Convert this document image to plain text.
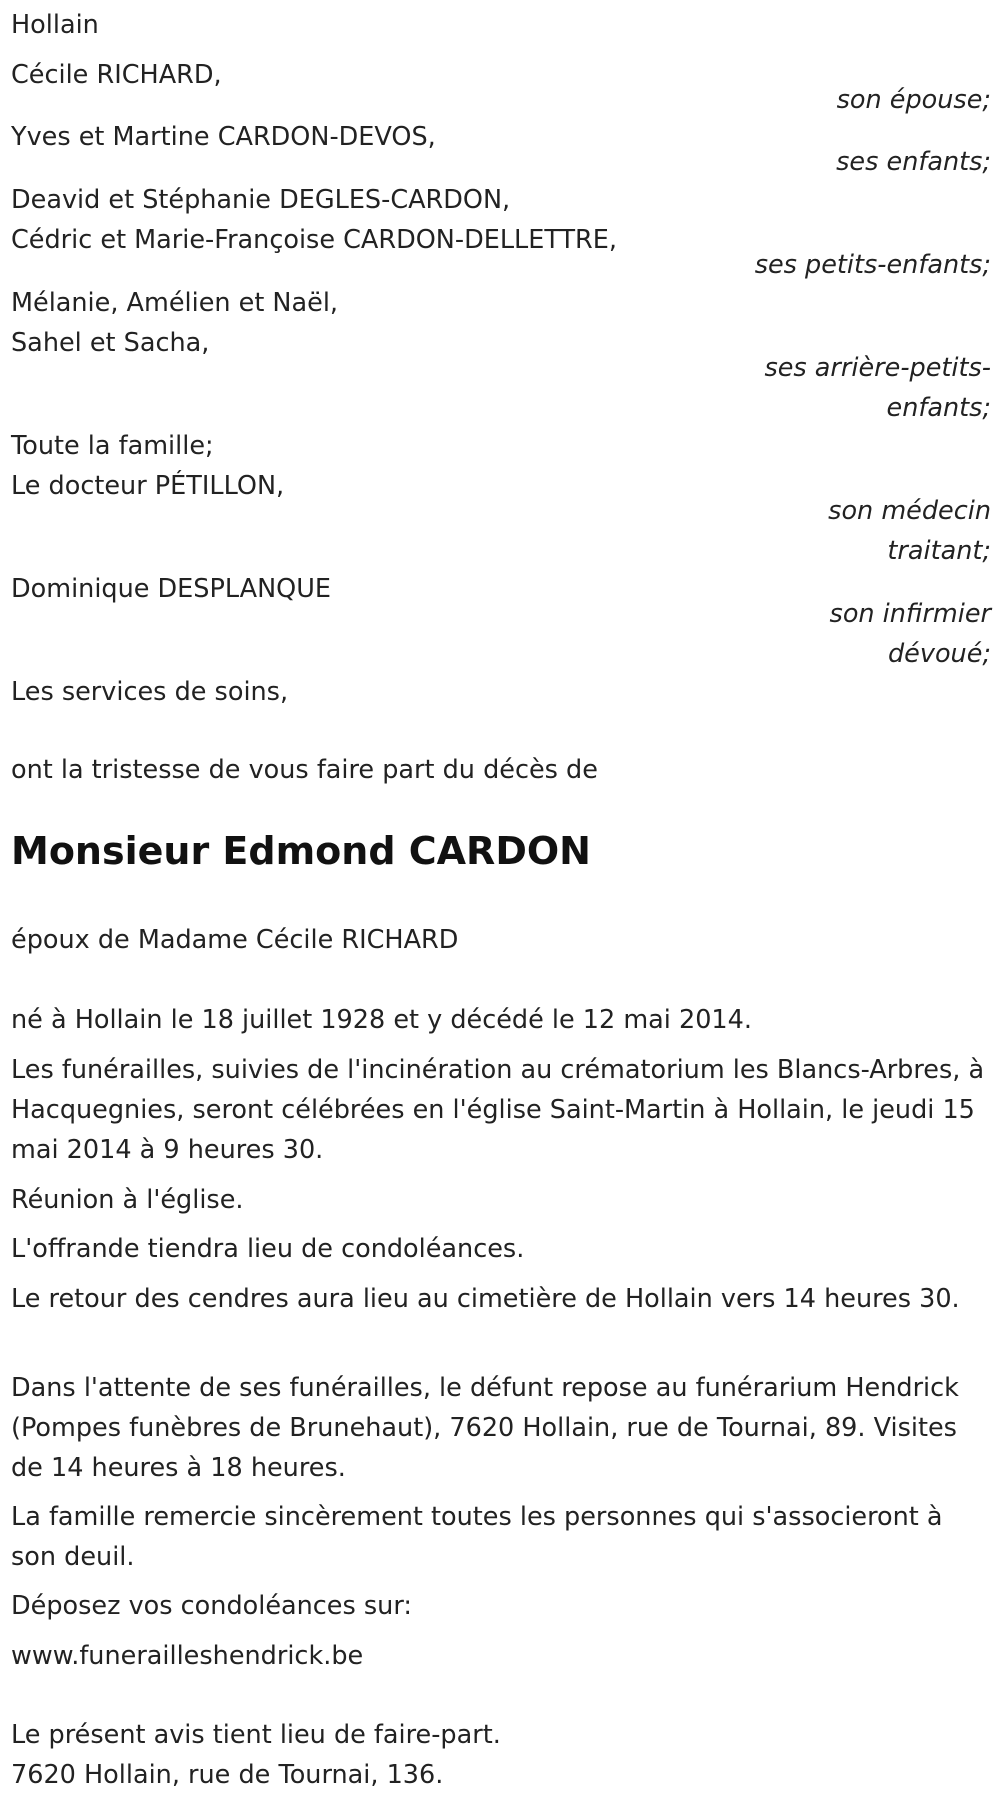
Hollain

Cécile RICHARD,

son épouse;

Yves et Martine CARDON-DEVOS,

ses enfants;

Deavid et Stéphanie DEGLES-CARDON,

Cédric et Marie-Françoise CARDON-DELLETTRE,

ses petits-enfants;

Mélanie, Amélien et Naël,

Sahel et Sacha,

ses arrière-petits-

enfants;

Toute la famille;

Le docteur PÉTILLON,

son médecin

traitant;

Dominique DESPLANQUE

son infirmier

dévoué;

Les services de soins,

ont la tristesse de vous faire part du décès de

Monsieur Edmond CARDON

époux de Madame Cécile RICHARD

né à Hollain le 18 juillet 1928 et y décédé le 12 mai 2014.

Les funérailles, suivies de l'incinération au crématorium les Blancs-Arbres, à Hacquegnies, seront célébrées en l'église Saint-Martin à Hollain, le jeudi 15 mai 2014 à 9 heures 30.

Réunion à l'église.

L'offrande tiendra lieu de condoléances.

Le retour des cendres aura lieu au cimetière de Hollain vers 14 heures 30.

Dans l'attente de ses funérailles, le défunt repose au funérarium Hendrick (Pompes funèbres de Brunehaut), 7620 Hollain, rue de Tournai, 89. Visites de 14 heures à 18 heures.

La famille remercie sincèrement toutes les personnes qui s'associeront à son deuil.

Déposez vos condoléances sur:

www.funerailleshendrick.be

Le présent avis tient lieu de faire-part.

7620 Hollain, rue de Tournai, 136.
